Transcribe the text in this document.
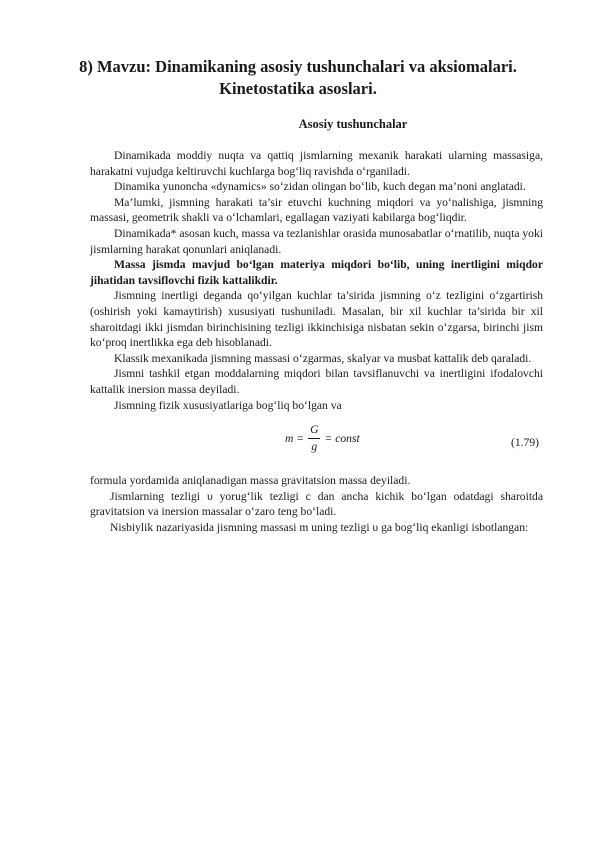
8) Mavzu: Dinamikaning asosiy tushunchalari va aksiomalari.
Kinetostatika asoslari.
Asosiy tushunchalar

Dinamikada moddiy nuqta va qattiq jismlarning mexanik harakati ularning massasiga, harakatni vujudga keltiruvchi kuchlarga bog‘liq ravishda o‘rganiladi.

Dinamika yunoncha «dynamics» so‘zidan olingan bo‘lib, kuch degan ma’noni anglatadi.

Ma’lumki, jismning harakati ta’sir etuvchi kuchning miqdori va yo‘nalishiga, jismning massasi, geometrik shakli va o‘lchamlari, egallagan vaziyati kabilarga bog‘liqdir.

Dinamikada* asosan kuch, massa va tezlanishlar orasida munosabatlar o‘rnatilib, nuqta yoki jismlarning harakat qonunlari aniqlanadi.

Massa jismda mavjud bo‘lgan materiya miqdori bo‘lib, uning inertligini miqdor jihatidan tavsiflovchi fizik kattalikdir.

Jismning inertligi deganda qo‘yilgan kuchlar ta’sirida jismning o‘z tezligini o‘zgartirish (oshirish yoki kamaytirish) xususiyati tushuniladi. Masalan, bir xil kuchlar ta’sirida bir xil sharoitdagi ikki jismdan birinchisining tezligi ikkinchisiga nisbatan sekin o‘zgarsa, birinchi jism ko‘proq inertlikka ega deb hisoblanadi.

Klassik mexanikada jismning massasi o‘zgarmas, skalyar va musbat kattalik deb qaraladi.

Jismni tashkil etgan moddalarning miqdori bilan tavsiflanuvchi va inertligini ifodalovchi kattalik inersion massa deyiladi.

Jismning fizik xususiyatlariga bog‘liq bo‘lgan va

$m = \frac{G}{g}$ = const	(1.79)

formula yordamida aniqlanadigan massa gravitatsion massa deyiladi.

Jismlarning tezligi υ yorug‘lik tezligi c dan ancha kichik bo‘lgan odatdagi sharoitda gravitatsion va inersion massalar o‘zaro teng bo‘ladi.

Nisbiylik nazariyasida jismning massasi m uning tezligi υ ga bog‘liq ekanligi isbotlangan:
